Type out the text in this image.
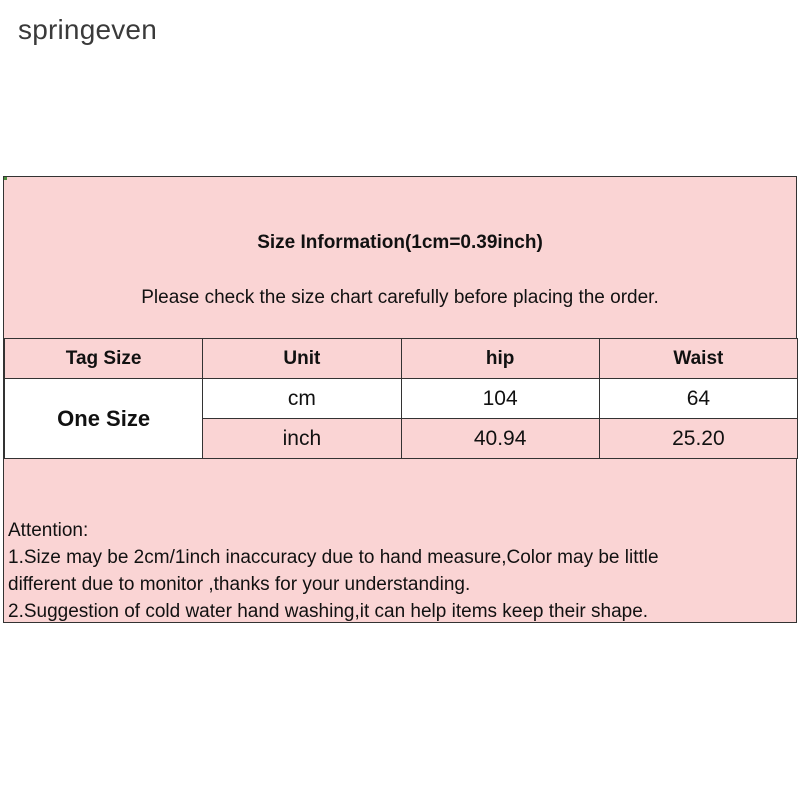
springeven
Size Information(1cm=0.39inch)
Please check the size chart carefully before placing the order.
Tag Size	Unit	hip	Waist
One Size	cm	104	64
	inch	40.94	25.20
Attention:
1.Size may be 2cm/1inch inaccuracy due to hand measure,Color may be little
different due to monitor ,thanks for your understanding.
2.Suggestion of cold water hand washing,it can help items keep their shape.
